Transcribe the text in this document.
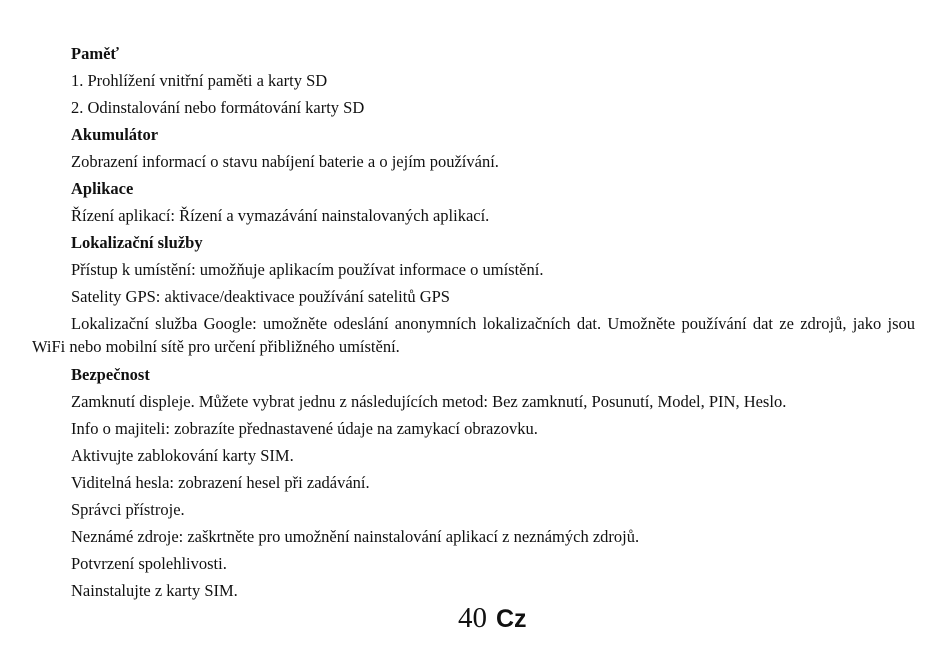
Paměť
1. Prohlížení vnitřní paměti a karty SD
2. Odinstalování nebo formátování karty SD
Akumulátor
Zobrazení informací o stavu nabíjení baterie a o jejím používání.
Aplikace
Řízení aplikací: Řízení a vymazávání nainstalovaných aplikací.
Lokalizační služby
Přístup k umístění: umožňuje aplikacím používat informace o umístění.
Satelity GPS: aktivace/deaktivace používání satelitů GPS
Lokalizační služba Google: umožněte odeslání anonymních lokalizačních dat. Umožněte používání dat ze zdrojů, jako jsou WiFi nebo mobilní sítě pro určení přibližného umístění.
Bezpečnost
Zamknutí displeje. Můžete vybrat jednu z následujících metod: Bez zamknutí, Posunutí, Model, PIN, Heslo.
Info o majiteli: zobrazíte přednastavené údaje na zamykací obrazovku.
Aktivujte zablokování karty SIM.
Viditelná hesla: zobrazení hesel při zadávání.
Správci přístroje.
Neznámé zdroje: zaškrtněte pro umožnění nainstalování aplikací z neznámých zdrojů.
Potvrzení spolehlivosti.
Nainstalujte z karty SIM.
40 Cz
